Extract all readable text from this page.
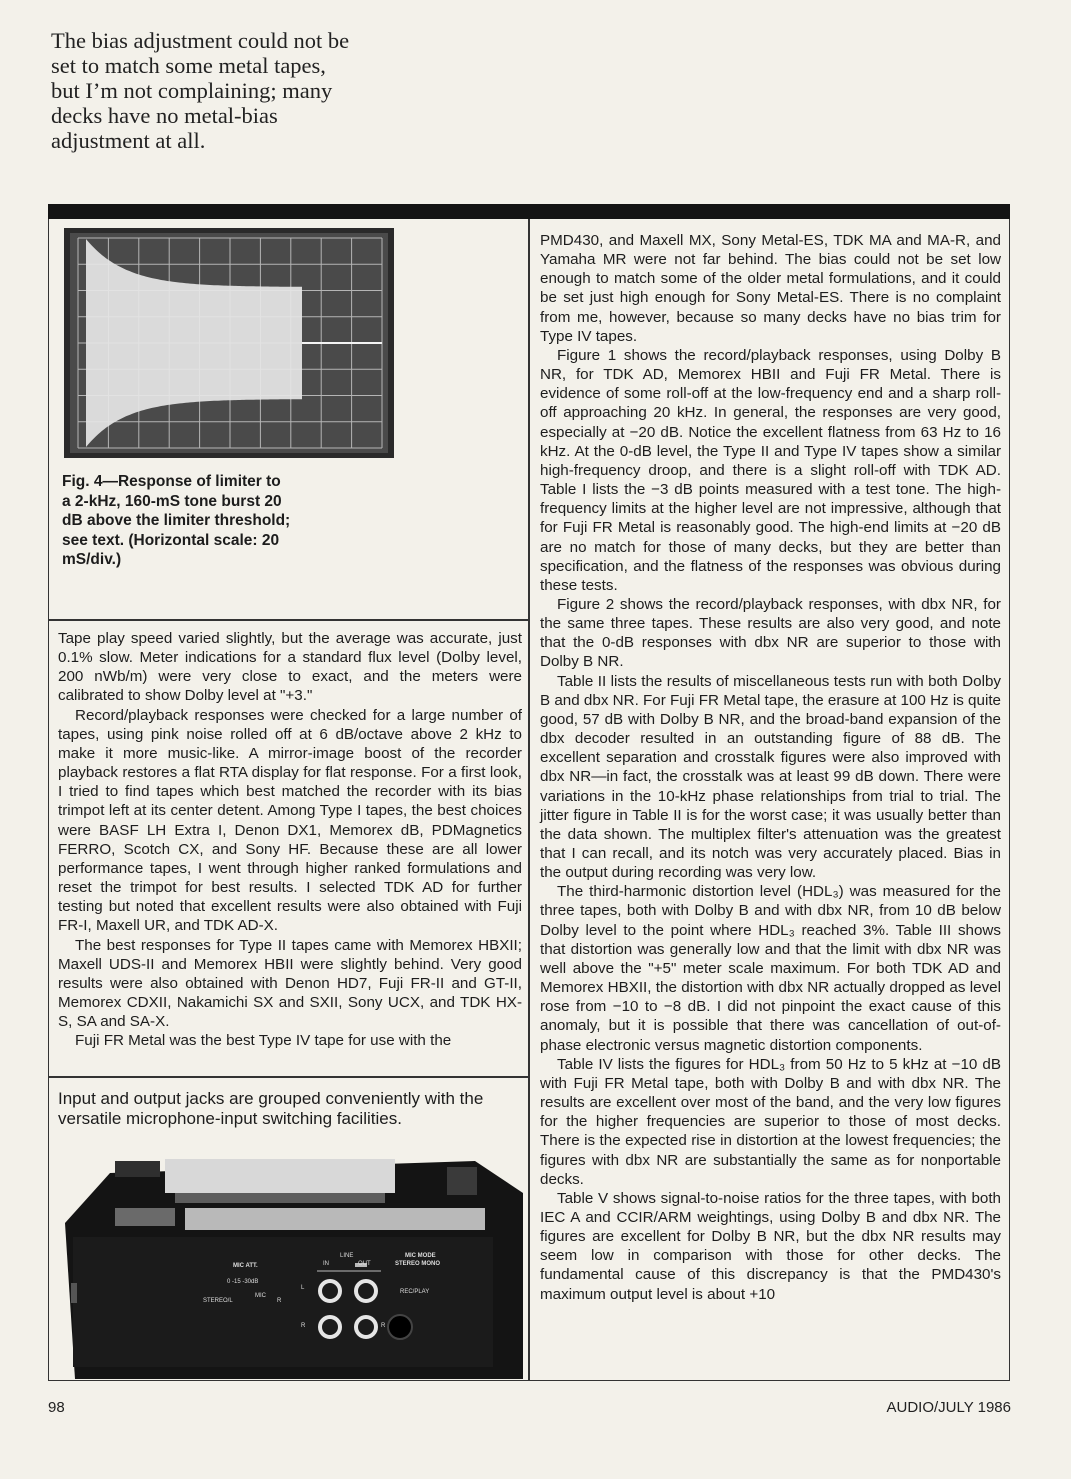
The bias adjustment could not be set to match some metal tapes, but I’m not complaining; many decks have no metal-bias adjustment at all.
Fig. 4—Response of limiter to a 2-kHz, 160-mS tone burst 20 dB above the limiter threshold; see text. (Horizontal scale: 20 mS/div.)

Tape play speed varied slightly, but the average was accurate, just 0.1% slow. Meter indications for a standard flux level (Dolby level, 200 nWb/m) were very close to exact, and the meters were calibrated to show Dolby level at "+3."

Record/playback responses were checked for a large number of tapes, using pink noise rolled off at 6 dB/octave above 2 kHz to make it more music-like. A mirror-image boost of the recorder playback restores a flat RTA display for flat response. For a first look, I tried to find tapes which best matched the recorder with its bias trimpot left at its center detent. Among Type I tapes, the best choices were BASF LH Extra I, Denon DX1, Memorex dB, PDMagnetics FERRO, Scotch CX, and Sony HF. Because these are all lower performance tapes, I went through higher ranked formulations and reset the trimpot for best results. I selected TDK AD for further testing but noted that excellent results were also obtained with Fuji FR-I, Maxell UR, and TDK AD-X.

The best responses for Type II tapes came with Memorex HBXII; Maxell UDS-II and Memorex HBII were slightly behind. Very good results were also obtained with Denon HD7, Fuji FR-II and GT-II, Memorex CDXII, Nakamichi SX and SXII, Sony UCX, and TDK HX-S, SA and SA-X.

Fuji FR Metal was the best Type IV tape for use with the

Input and output jacks are grouped conveniently with the versatile microphone-input switching facilities.
MIC ATT.
0 -15 -30dB
STEREO/L
MIC
R
LINE
IN	OUT
MIC MODE
STEREO MONO
REC/PLAY
L
R	R

PMD430, and Maxell MX, Sony Metal-ES, TDK MA and MA-R, and Yamaha MR were not far behind. The bias could not be set low enough to match some of the older metal formulations, and it could be set just high enough for Sony Metal-ES. There is no complaint from me, however, because so many decks have no bias trim for Type IV tapes.

Figure 1 shows the record/playback responses, using Dolby B NR, for TDK AD, Memorex HBII and Fuji FR Metal. There is evidence of some roll-off at the low-frequency end and a sharp roll-off approaching 20 kHz. In general, the responses are very good, especially at −20 dB. Notice the excellent flatness from 63 Hz to 16 kHz. At the 0-dB level, the Type II and Type IV tapes show a similar high-frequency droop, and there is a slight roll-off with TDK AD. Table I lists the −3 dB points measured with a test tone. The high-frequency limits at the higher level are not impressive, although that for Fuji FR Metal is reasonably good. The high-end limits at −20 dB are no match for those of many decks, but they are better than specification, and the flatness of the responses was obvious during these tests.

Figure 2 shows the record/playback responses, with dbx NR, for the same three tapes. These results are also very good, and note that the 0-dB responses with dbx NR are superior to those with Dolby B NR.

Table II lists the results of miscellaneous tests run with both Dolby B and dbx NR. For Fuji FR Metal tape, the erasure at 100 Hz is quite good, 57 dB with Dolby B NR, and the broad-band expansion of the dbx decoder resulted in an outstanding figure of 88 dB. The excellent separation and crosstalk figures were also improved with dbx NR—in fact, the crosstalk was at least 99 dB down. There were variations in the 10-kHz phase relationships from trial to trial. The jitter figure in Table II is for the worst case; it was usually better than the data shown. The multiplex filter's attenuation was the greatest that I can recall, and its notch was very accurately placed. Bias in the output during recording was very low.

The third-harmonic distortion level (HDL₃) was measured for the three tapes, both with Dolby B and with dbx NR, from 10 dB below Dolby level to the point where HDL₃ reached 3%. Table III shows that distortion was generally low and that the limit with dbx NR was well above the "+5" meter scale maximum. For both TDK AD and Memorex HBXII, the distortion with dbx NR actually dropped as level rose from −10 to −8 dB. I did not pinpoint the exact cause of this anomaly, but it is possible that there was cancellation of out-of-phase electronic versus magnetic distortion components.

Table IV lists the figures for HDL₃ from 50 Hz to 5 kHz at −10 dB with Fuji FR Metal tape, both with Dolby B and with dbx NR. The results are excellent over most of the band, and the very low figures for the higher frequencies are superior to those of most decks. There is the expected rise in distortion at the lowest frequencies; the figures with dbx NR are substantially the same as for nonportable decks.

Table V shows signal-to-noise ratios for the three tapes, with both IEC A and CCIR/ARM weightings, using Dolby B and dbx NR. The figures are excellent for Dolby B NR, but the dbx NR results may seem low in comparison with those for other decks. The fundamental cause of this discrepancy is that the PMD430's maximum output level is about +10

98	AUDIO/JULY 1986
